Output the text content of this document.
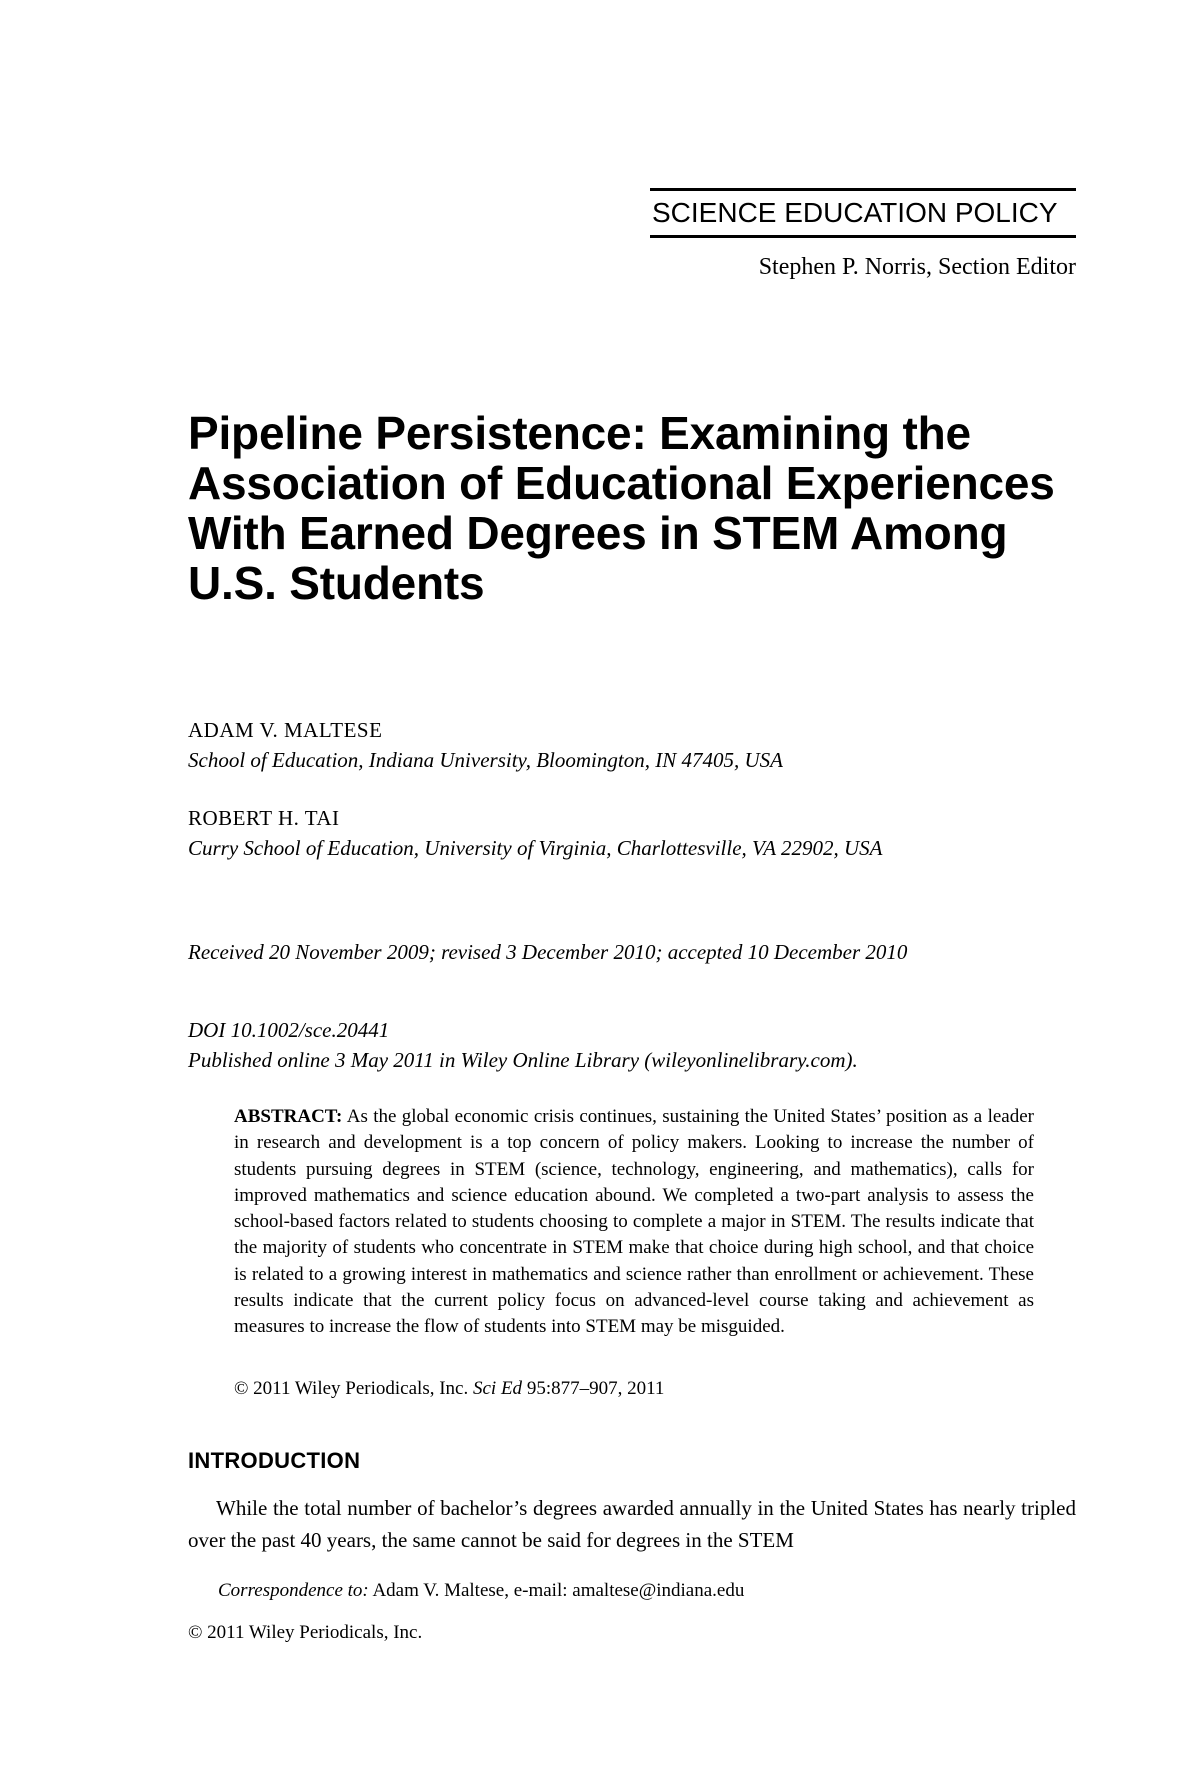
SCIENCE EDUCATION POLICY
Stephen P. Norris, Section Editor
Pipeline Persistence: Examining the Association of Educational Experiences With Earned Degrees in STEM Among U.S. Students
ADAM V. MALTESE
School of Education, Indiana University, Bloomington, IN 47405, USA
ROBERT H. TAI
Curry School of Education, University of Virginia, Charlottesville, VA 22902, USA
Received 20 November 2009; revised 3 December 2010; accepted 10 December 2010
DOI 10.1002/sce.20441
Published online 3 May 2011 in Wiley Online Library (wileyonlinelibrary.com).

ABSTRACT: As the global economic crisis continues, sustaining the United States’ position as a leader in research and development is a top concern of policy makers. Looking to increase the number of students pursuing degrees in STEM (science, technology, engineering, and mathematics), calls for improved mathematics and science education abound. We completed a two-part analysis to assess the school-based factors related to students choosing to complete a major in STEM. The results indicate that the majority of students who concentrate in STEM make that choice during high school, and that choice is related to a growing interest in mathematics and science rather than enrollment or achievement. These results indicate that the current policy focus on advanced-level course taking and achievement as measures to increase the flow of students into STEM may be misguided.

© 2011 Wiley Periodicals, Inc. Sci Ed 95:877–907, 2011
INTRODUCTION

While the total number of bachelor’s degrees awarded annually in the United States has nearly tripled over the past 40 years, the same cannot be said for degrees in the STEM

Correspondence to: Adam V. Maltese, e-mail: amaltese@indiana.edu
© 2011 Wiley Periodicals, Inc.
